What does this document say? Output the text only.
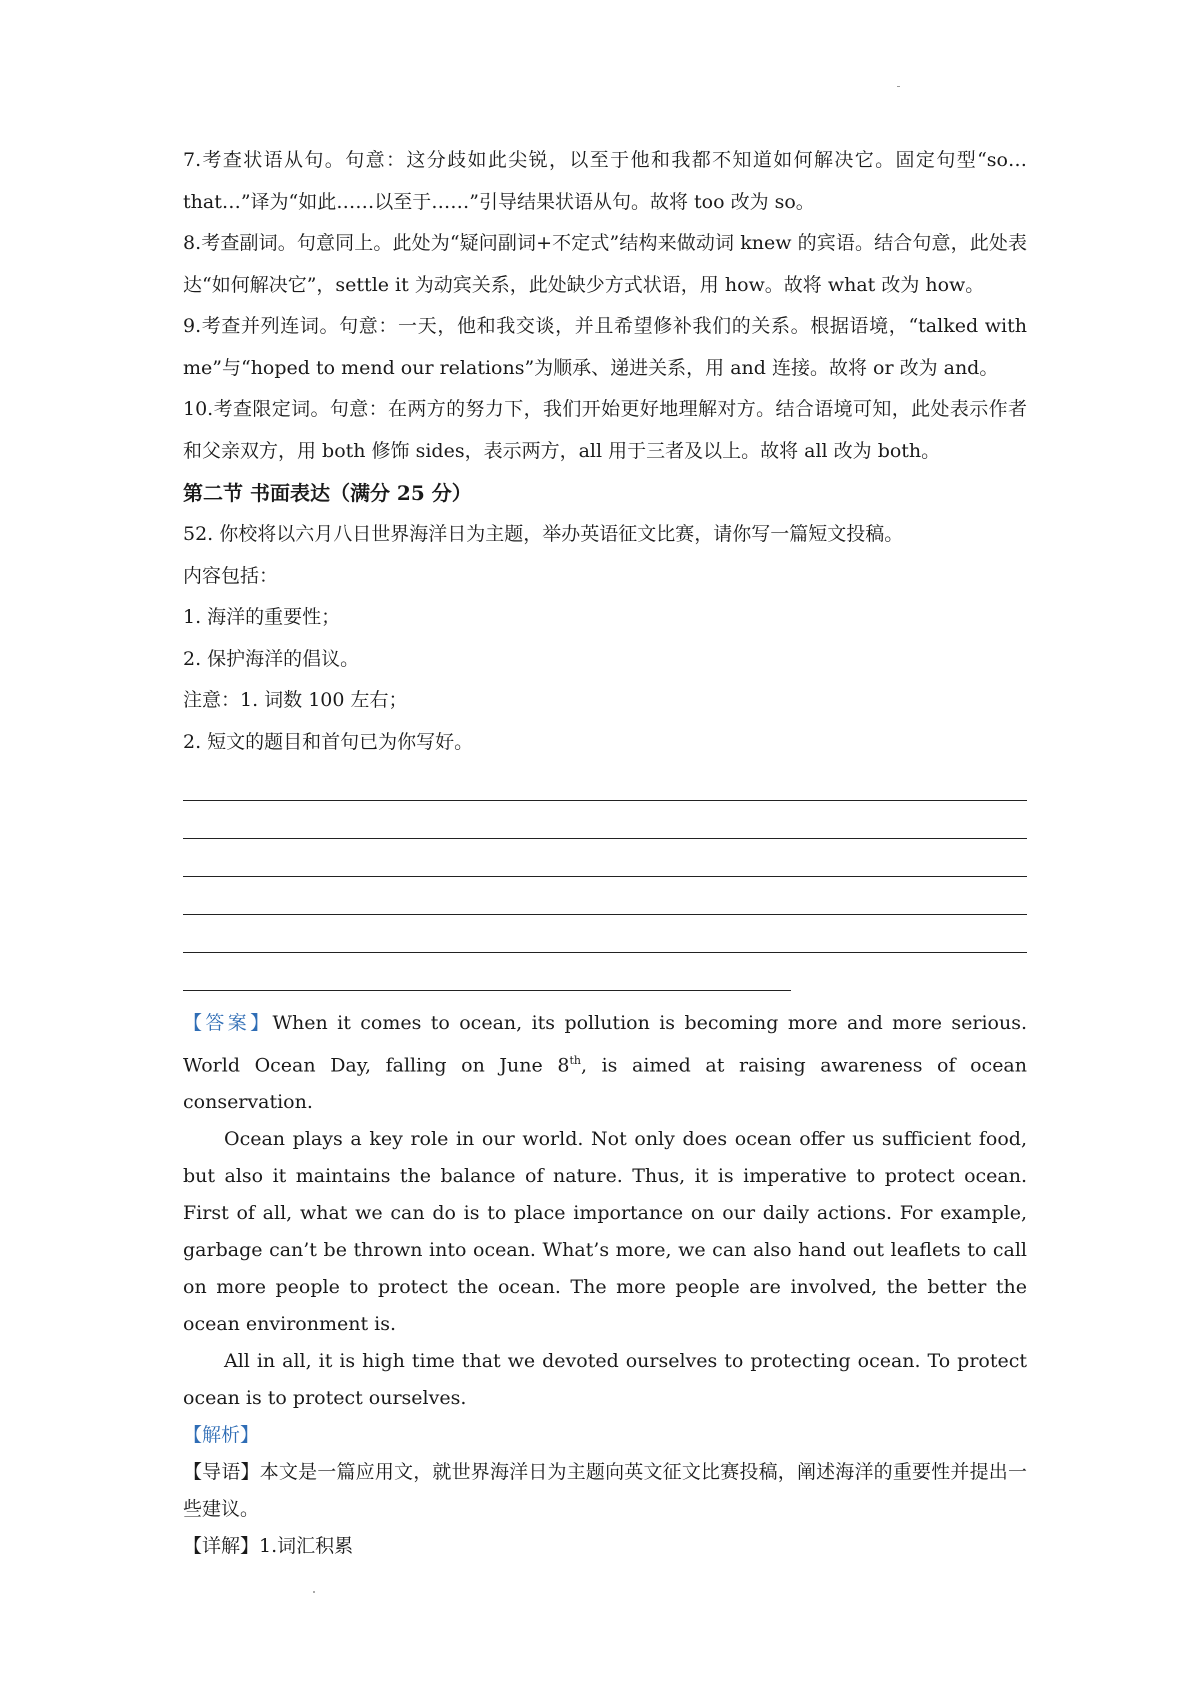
7.考查状语从句。句意：这分歧如此尖锐，以至于他和我都不知道如何解决它。固定句型“so…that…”译为“如此……以至于……”引导结果状语从句。故将 too 改为 so。

8.考查副词。句意同上。此处为“疑问副词+不定式”结构来做动词 knew 的宾语。结合句意，此处表达“如何解决它”，settle it 为动宾关系，此处缺少方式状语，用 how。故将 what 改为 how。

9.考查并列连词。句意：一天，他和我交谈，并且希望修补我们的关系。根据语境，“talked with me”与“hoped to mend our relations”为顺承、递进关系，用 and 连接。故将 or 改为 and。

10.考查限定词。句意：在两方的努力下，我们开始更好地理解对方。结合语境可知，此处表示作者和父亲双方，用 both 修饰 sides，表示两方，all 用于三者及以上。故将 all 改为 both。

第二节 书面表达（满分 25 分）

52. 你校将以六月八日世界海洋日为主题，举办英语征文比赛，请你写一篇短文投稿。

内容包括：

1. 海洋的重要性；

2. 保护海洋的倡议。

注意：1. 词数 100 左右；

2. 短文的题目和首句已为你写好。

【答案】When it comes to ocean, its pollution is becoming more and more serious. World Ocean Day, falling on June 8th, is aimed at raising awareness of ocean conservation.

Ocean plays a key role in our world. Not only does ocean offer us sufficient food, but also it maintains the balance of nature. Thus, it is imperative to protect ocean. First of all, what we can do is to place importance on our daily actions. For example, garbage can’t be thrown into ocean. What’s more, we can also hand out leaflets to call on more people to protect the ocean. The more people are involved, the better the ocean environment is.

All in all, it is high time that we devoted ourselves to protecting ocean. To protect ocean is to protect ourselves.

【解析】

【导语】本文是一篇应用文，就世界海洋日为主题向英文征文比赛投稿，阐述海洋的重要性并提出一些建议。

【详解】1.词汇积累
